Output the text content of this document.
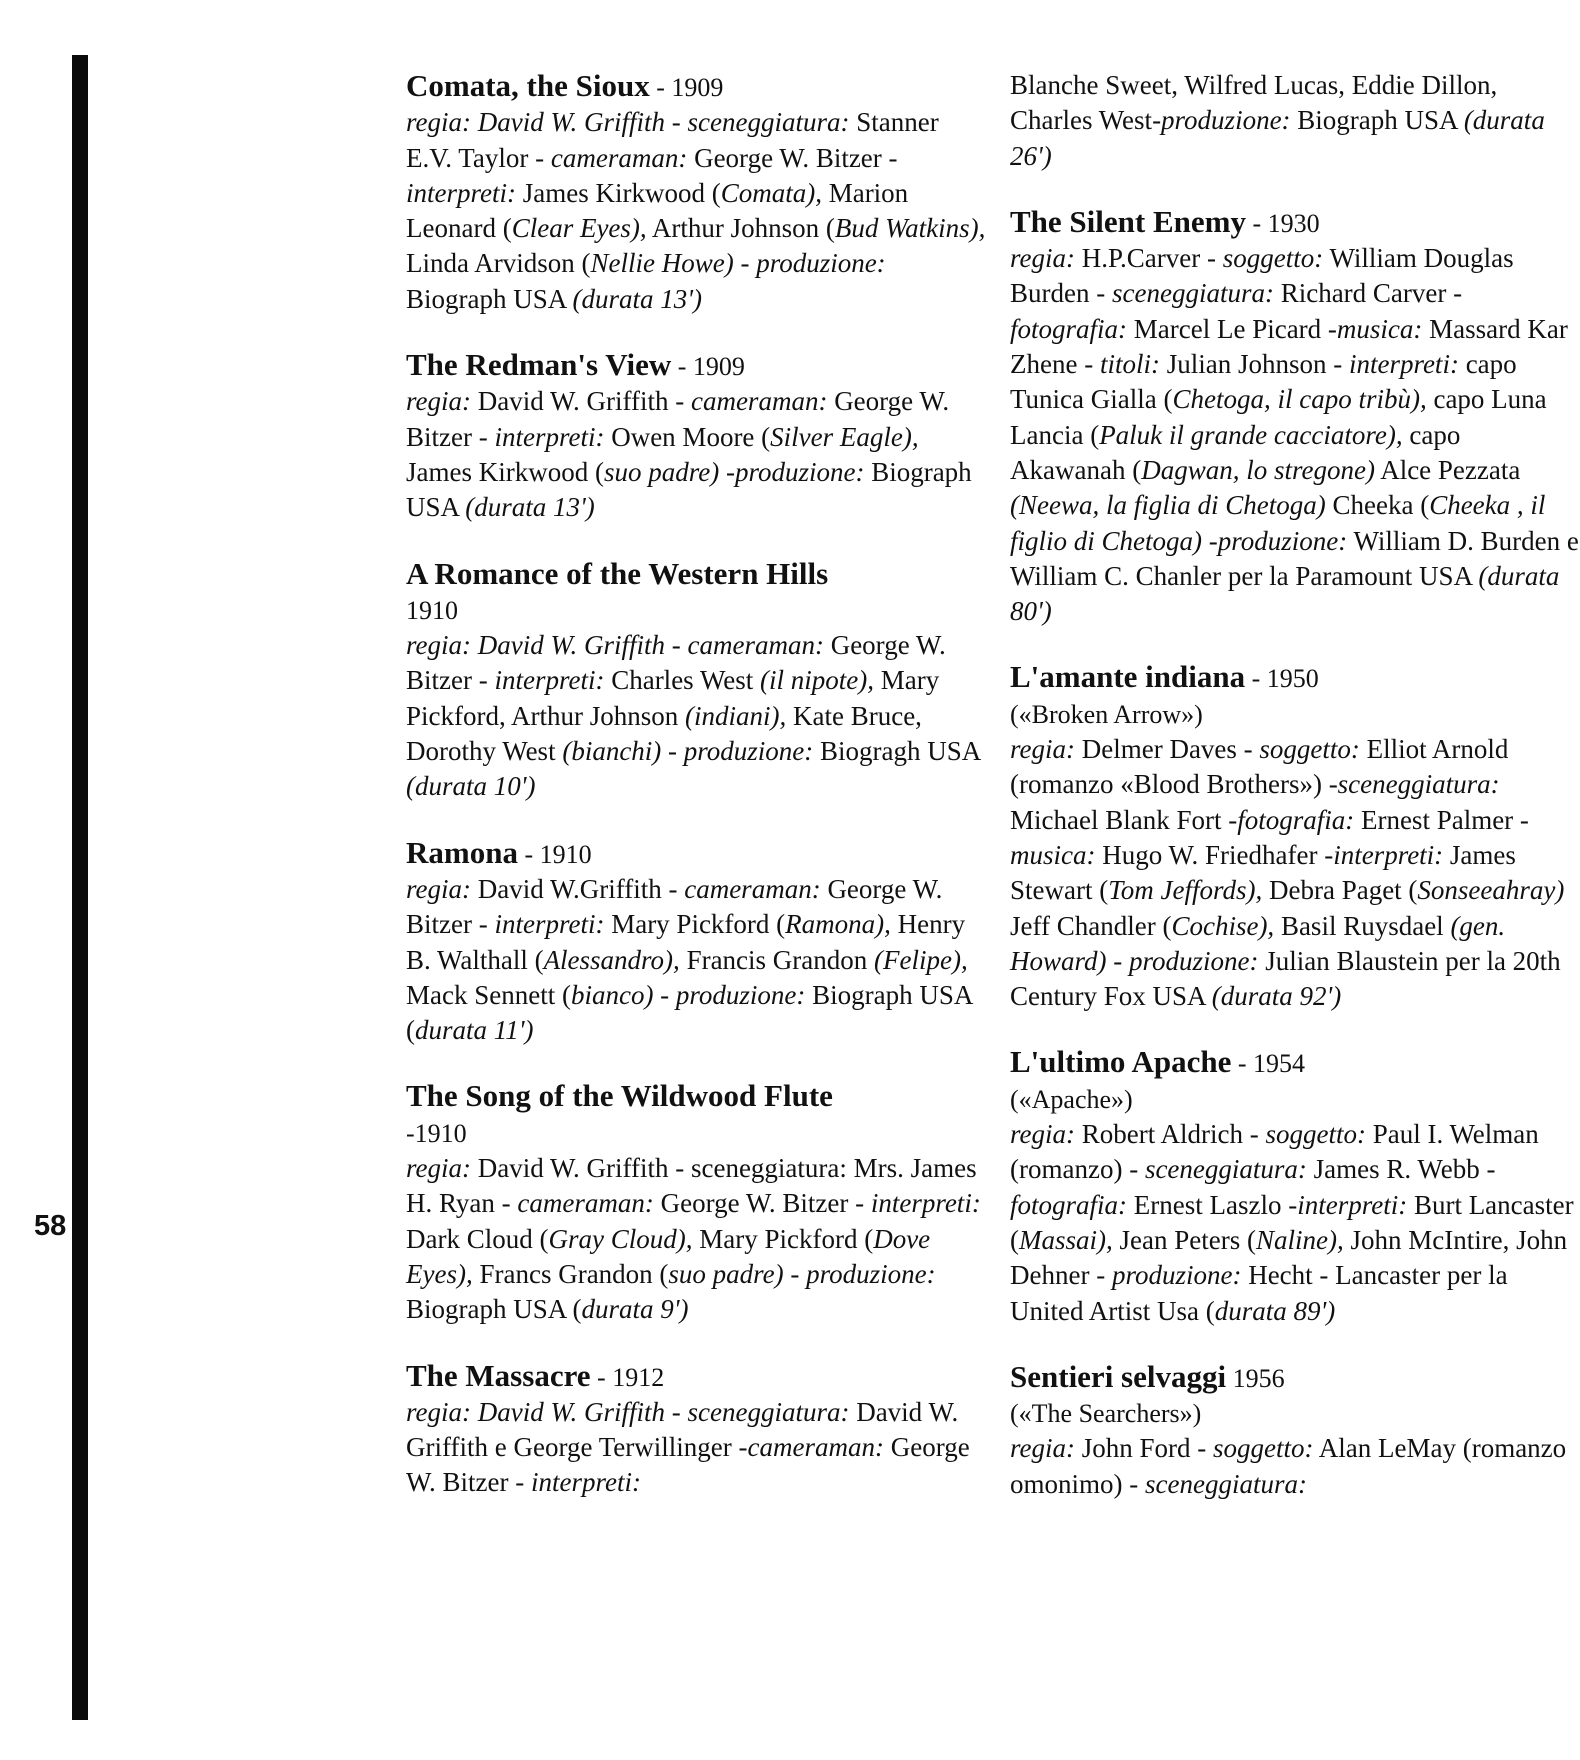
58

Comata, the Sioux - 1909

regia: David W. Griffith - sceneggiatura: Stanner E.V. Taylor - cameraman: George W. Bitzer - interpreti: James Kirkwood (Comata), Marion Leonard (Clear Eyes), Arthur Johnson (Bud Watkins), Linda Arvidson (Nellie Howe) - produzione: Biograph USA (durata 13')

The Redman's View - 1909

regia: David W. Griffith - cameraman: George W. Bitzer - interpreti: Owen Moore (Silver Eagle), James Kirkwood (suo padre) -produzione: Biograph USA (durata 13')

A Romance of the Western Hills

1910

regia: David W. Griffith - cameraman: George W. Bitzer - interpreti: Charles West (il nipote), Mary Pickford, Arthur Johnson (indiani), Kate Bruce, Dorothy West (bianchi) - produzione: Biogragh USA (durata 10')

Ramona - 1910

regia: David W.Griffith - cameraman: George W. Bitzer - interpreti: Mary Pickford (Ramona), Henry B. Walthall (Alessandro), Francis Grandon (Felipe), Mack Sennett (bianco) - produzione: Biograph USA (durata 11')

The Song of the Wildwood Flute

-1910

regia: David W. Griffith - sceneggiatura: Mrs. James H. Ryan - cameraman: George W. Bitzer - interpreti: Dark Cloud (Gray Cloud), Mary Pickford (Dove Eyes), Francs Grandon (suo padre) - produzione: Biograph USA (durata 9')

The Massacre - 1912

regia: David W. Griffith - sceneggiatura: David W. Griffith e George Terwillinger -cameraman: George W. Bitzer - interpreti:

Blanche Sweet, Wilfred Lucas, Eddie Dillon, Charles West-produzione: Biograph USA (durata 26')

The Silent Enemy - 1930

regia: H.P.Carver - soggetto: William Douglas Burden - sceneggiatura: Richard Carver - fotografia: Marcel Le Picard -musica: Massard Kar Zhene - titoli: Julian Johnson - interpreti: capo Tunica Gialla (Chetoga, il capo tribù), capo Luna Lancia (Paluk il grande cacciatore), capo Akawanah (Dagwan, lo stregone) Alce Pezzata (Neewa, la figlia di Chetoga) Cheeka (Cheeka , il figlio di Chetoga) -produzione: William D. Burden e William C. Chanler per la Paramount USA (durata 80')

L'amante indiana - 1950

(«Broken Arrow»)

regia: Delmer Daves - soggetto: Elliot Arnold (romanzo «Blood Brothers») -sceneggiatura: Michael Blank Fort -fotografia: Ernest Palmer - musica: Hugo W. Friedhafer -interpreti: James Stewart (Tom Jeffords), Debra Paget (Sonseeahray) Jeff Chandler (Cochise), Basil Ruysdael (gen. Howard) - produzione: Julian Blaustein per la 20th Century Fox USA (durata 92')

L'ultimo Apache - 1954

(«Apache»)

regia: Robert Aldrich - soggetto: Paul I. Welman (romanzo) - sceneggiatura: James R. Webb - fotografia: Ernest Laszlo -interpreti: Burt Lancaster (Massai), Jean Peters (Naline), John McIntire, John Dehner - produzione: Hecht - Lancaster per la United Artist Usa (durata 89')

Sentieri selvaggi 1956

(«The Searchers»)

regia: John Ford - soggetto: Alan LeMay (romanzo omonimo) - sceneggiatura:
